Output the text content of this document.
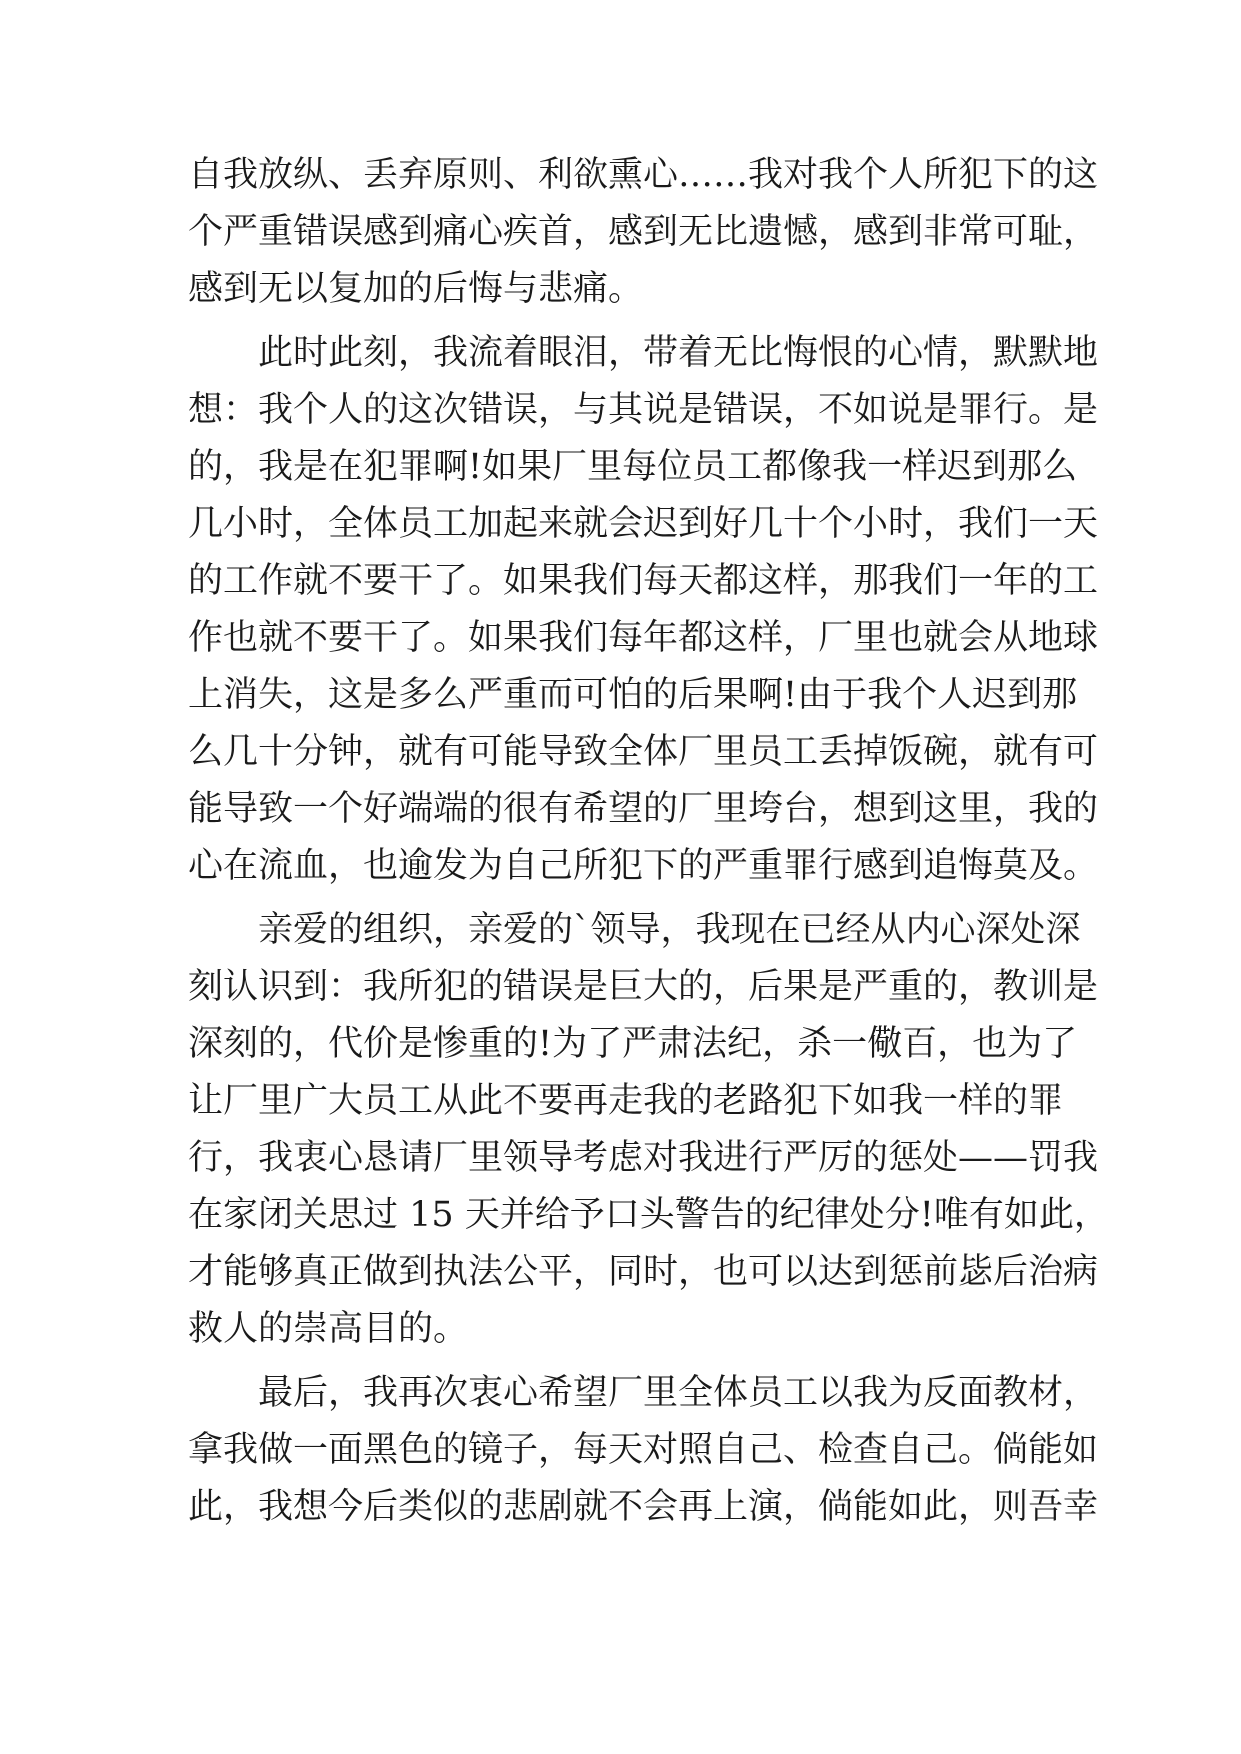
自我放纵、丢弃原则、利欲熏心……我对我个人所犯下的这
个严重错误感到痛心疾首，感到无比遗憾，感到非常可耻，
感到无以复加的后悔与悲痛。
此时此刻，我流着眼泪，带着无比悔恨的心情，默默地
想：我个人的这次错误，与其说是错误，不如说是罪行。是
的，我是在犯罪啊!如果厂里每位员工都像我一样迟到那么
几小时，全体员工加起来就会迟到好几十个小时，我们一天
的工作就不要干了。如果我们每天都这样，那我们一年的工
作也就不要干了。如果我们每年都这样，厂里也就会从地球
上消失，这是多么严重而可怕的后果啊!由于我个人迟到那
么几十分钟，就有可能导致全体厂里员工丢掉饭碗，就有可
能导致一个好端端的很有希望的厂里垮台，想到这里，我的
心在流血，也逾发为自己所犯下的严重罪行感到追悔莫及。
亲爱的组织，亲爱的`领导，我现在已经从内心深处深
刻认识到：我所犯的错误是巨大的，后果是严重的，教训是
深刻的，代价是惨重的!为了严肃法纪，杀一儆百，也为了
让厂里广大员工从此不要再走我的老路犯下如我一样的罪
行，我衷心恳请厂里领导考虑对我进行严厉的惩处——罚我
在家闭关思过 15 天并给予口头警告的纪律处分!唯有如此，
才能够真正做到执法公平，同时，也可以达到惩前毖后治病
救人的崇高目的。
最后，我再次衷心希望厂里全体员工以我为反面教材，
拿我做一面黑色的镜子，每天对照自己、检查自己。倘能如
此，我想今后类似的悲剧就不会再上演，倘能如此，则吾幸
